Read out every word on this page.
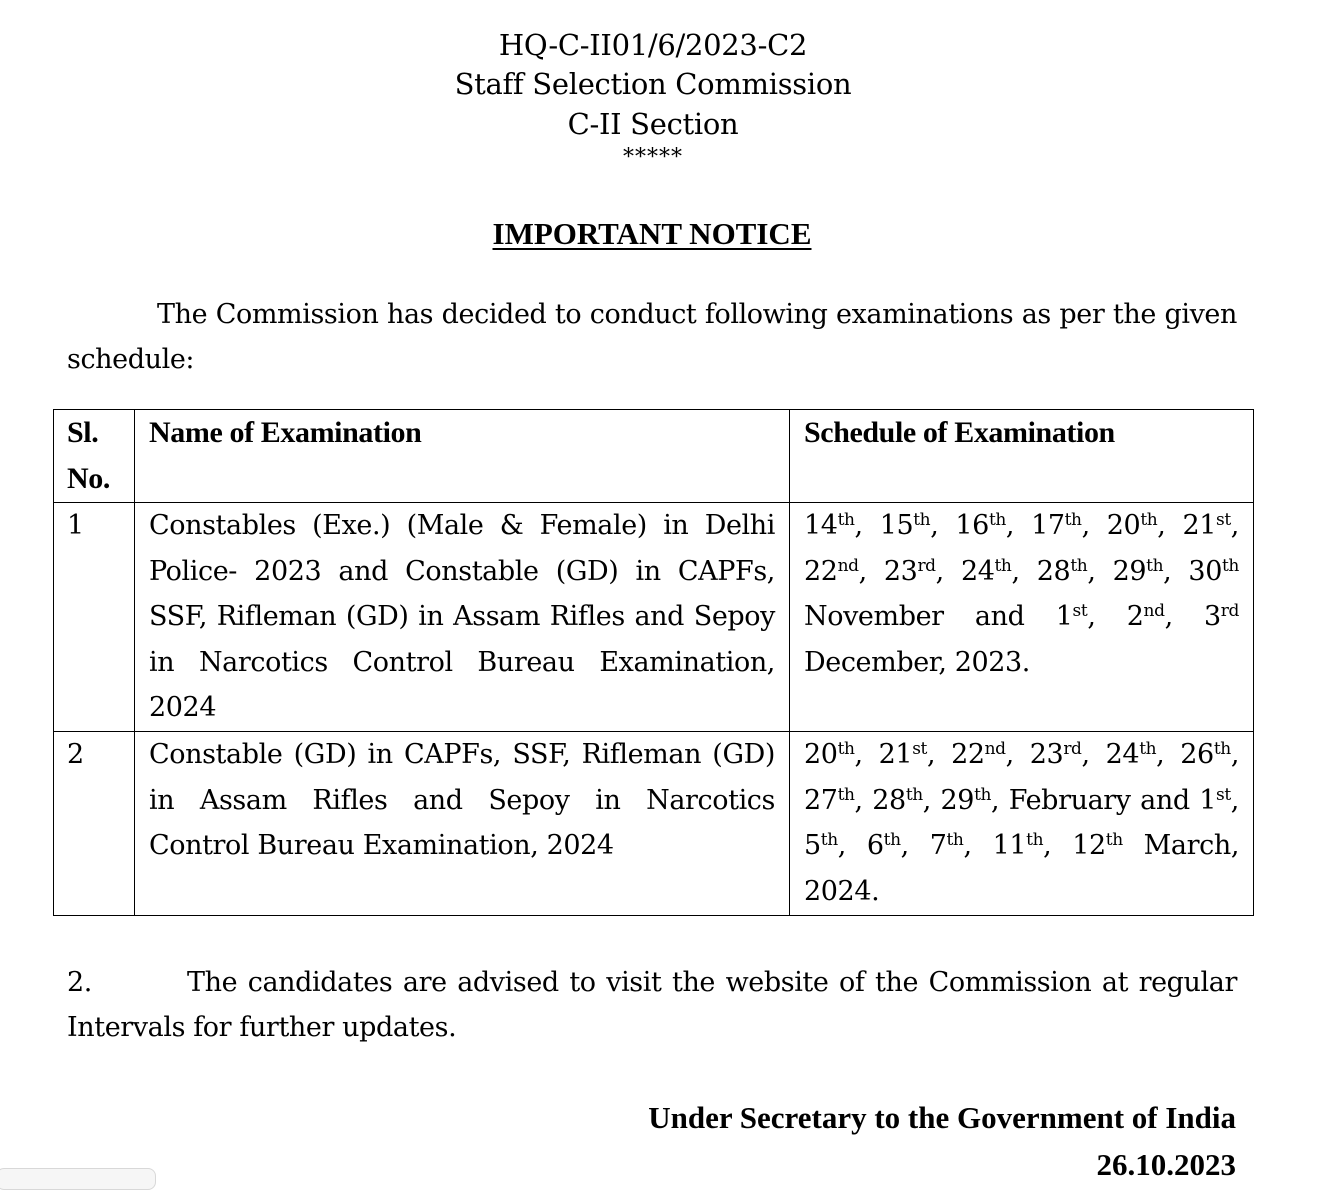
HQ-C-II01/6/2023-C2
Staff Selection Commission
C-II Section
*****
IMPORTANT NOTICE
The Commission has decided to conduct following examinations as per the given schedule:
Sl. No.	Name of Examination	Schedule of Examination
1	Constables (Exe.) (Male & Female) in Delhi Police- 2023 and Constable (GD) in CAPFs, SSF, Rifleman (GD) in Assam Rifles and Sepoy in Narcotics Control Bureau Examination, 2024	14th, 15th, 16th, 17th, 20th, 21st, 22nd, 23rd, 24th, 28th, 29th, 30th November and 1st, 2nd, 3rd December, 2023.
2	Constable (GD) in CAPFs, SSF, Rifleman (GD) in Assam Rifles and Sepoy in Narcotics Control Bureau Examination, 2024	20th, 21st, 22nd, 23rd, 24th, 26th, 27th, 28th, 29th, February and 1st, 5th, 6th, 7th, 11th, 12th March, 2024.
2.	The candidates are advised to visit the website of the Commission at regular Intervals for further updates.
Under Secretary to the Government of India
26.10.2023
